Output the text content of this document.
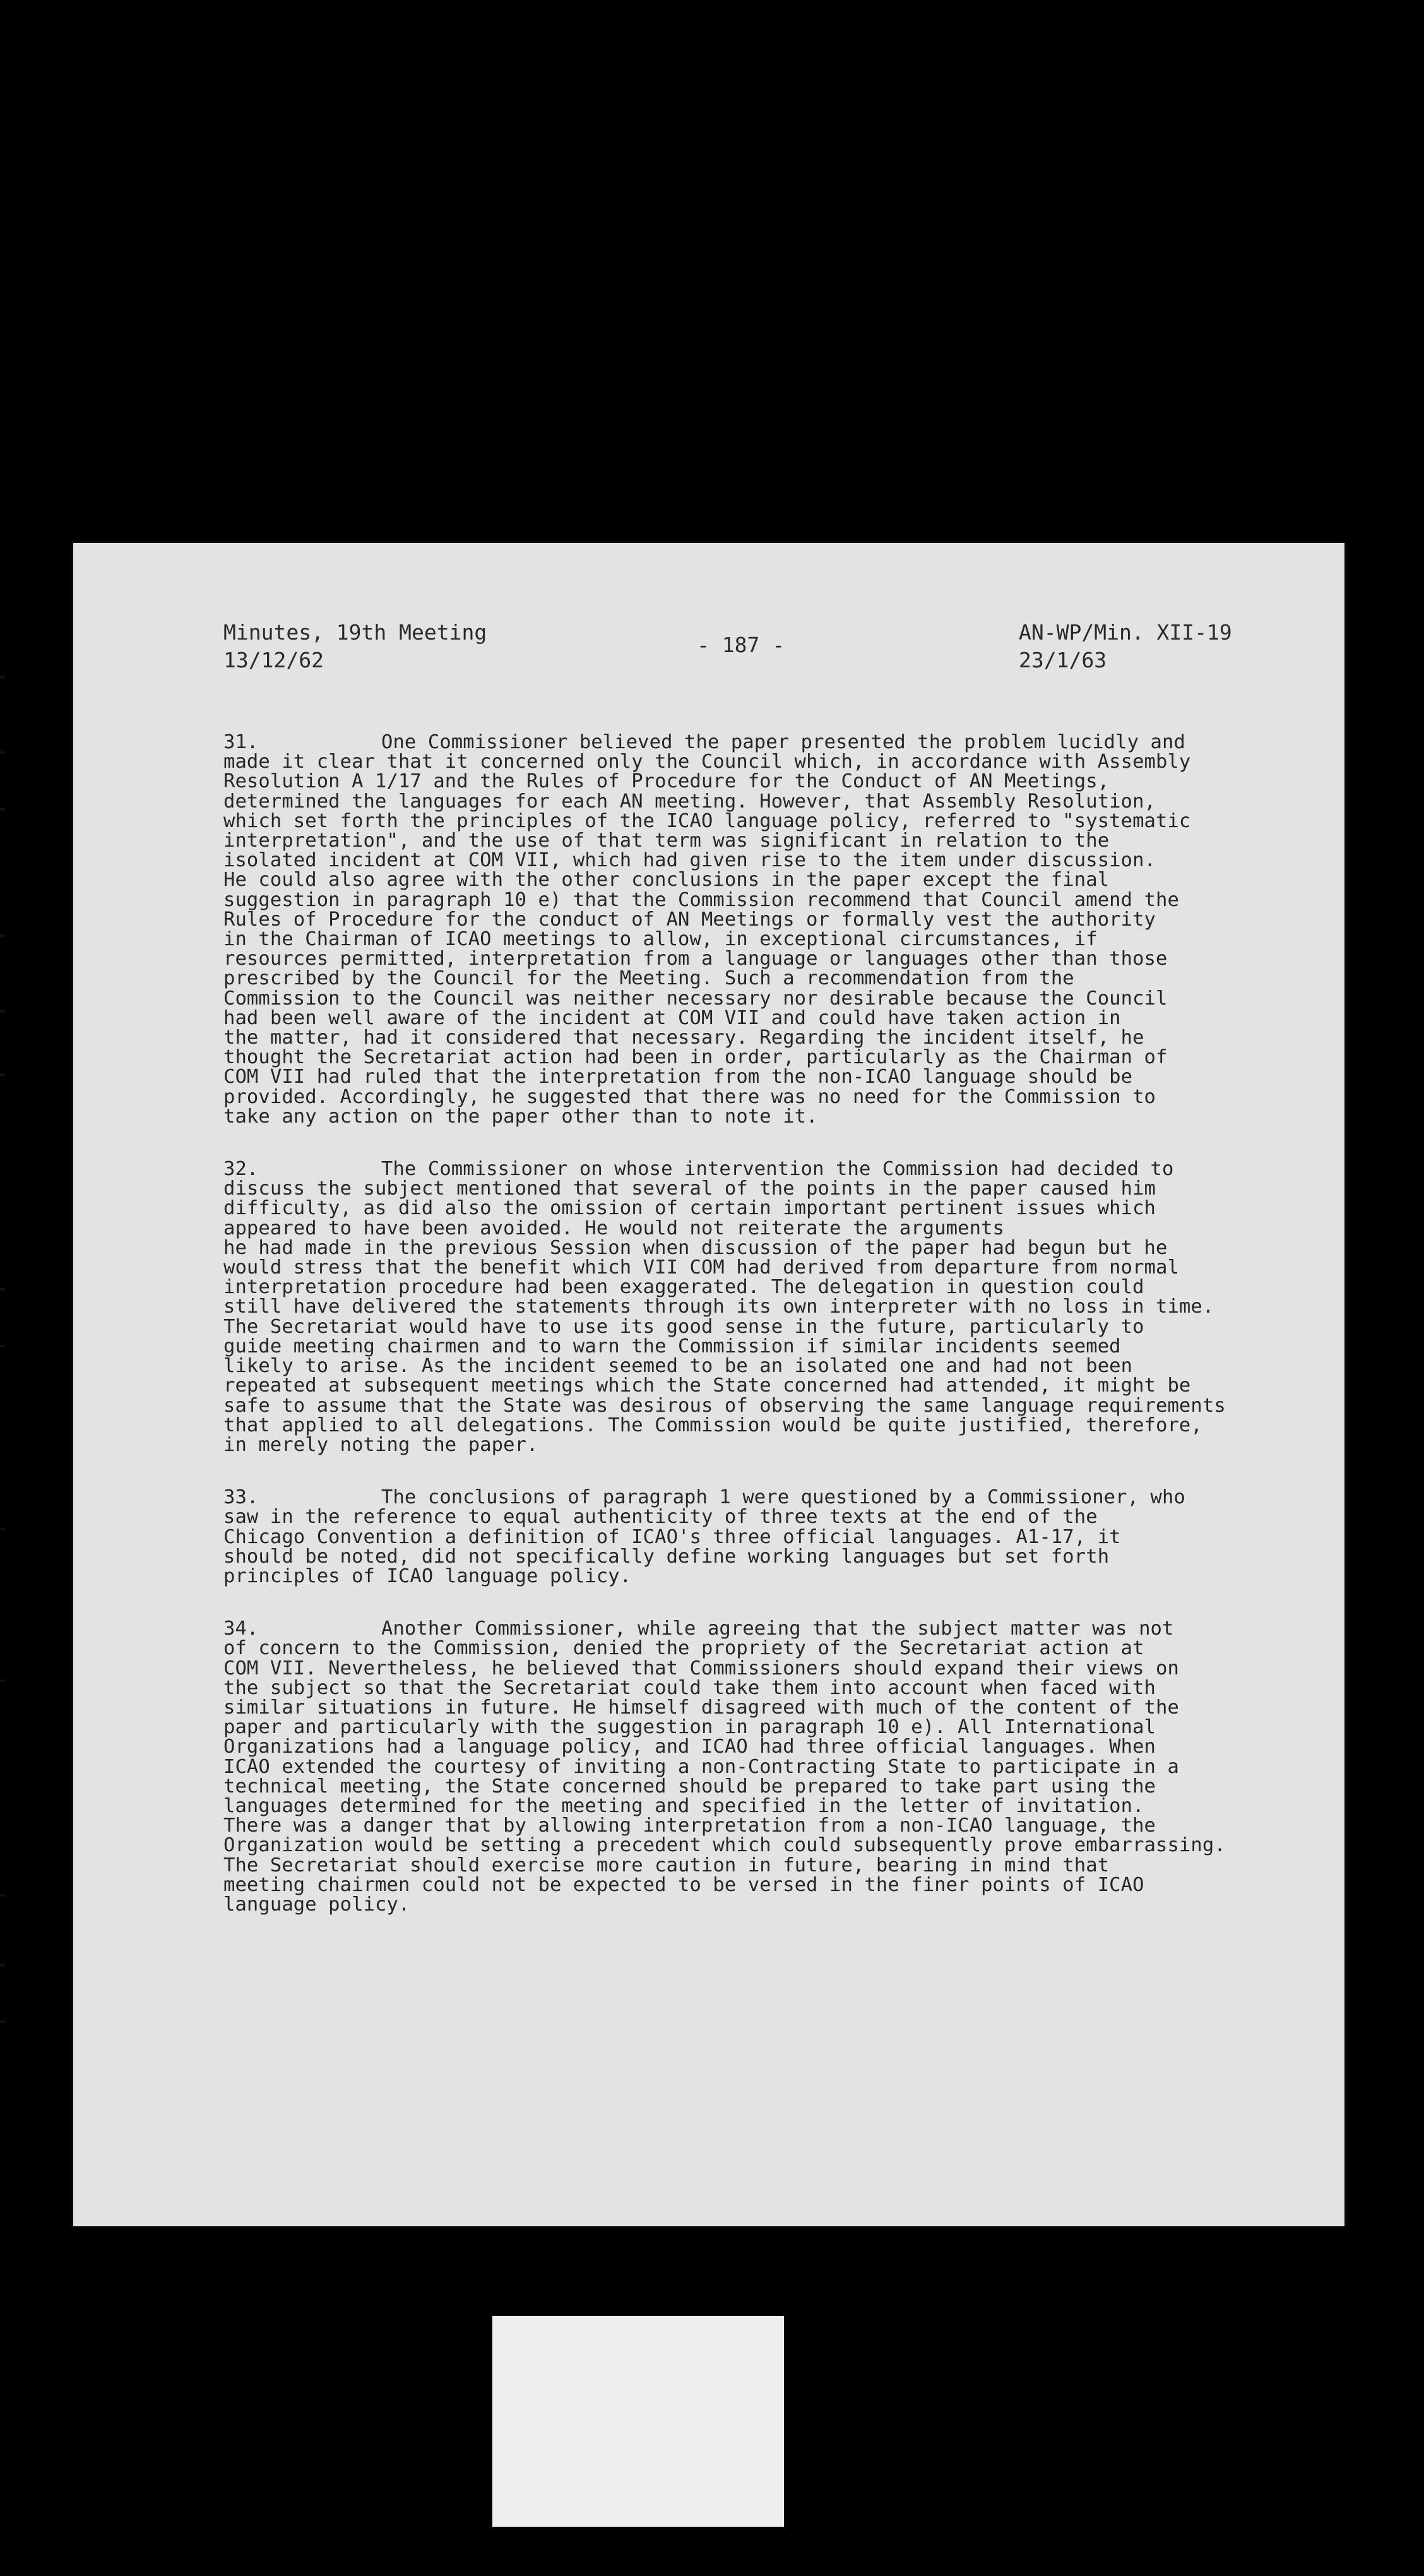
Minutes, 19th Meeting
13/12/62
- 187 -
AN-WP/Min. XII-19
23/1/63
31.	One Commissioner believed the paper presented the problem lucidly and
made it clear that it concerned only the Council which, in accordance with Assembly
Resolution A 1/17 and the Rules of Procedure for the Conduct of AN Meetings,
determined the languages for each AN meeting. However, that Assembly Resolution,
which set forth the principles of the ICAO language policy, referred to "systematic
interpretation", and the use of that term was significant in relation to the
isolated incident at COM VII, which had given rise to the item under discussion.
He could also agree with the other conclusions in the paper except the final
suggestion in paragraph 10 e) that the Commission recommend that Council amend the
Rules of Procedure for the conduct of AN Meetings or formally vest the authority
in the Chairman of ICAO meetings to allow, in exceptional circumstances, if
resources permitted, interpretation from a language or languages other than those
prescribed by the Council for the Meeting. Such a recommendation from the
Commission to the Council was neither necessary nor desirable because the Council
had been well aware of the incident at COM VII and could have taken action in
the matter, had it considered that necessary. Regarding the incident itself, he
thought the Secretariat action had been in order, particularly as the Chairman of
COM VII had ruled that the interpretation from the non-ICAO language should be
provided. Accordingly, he suggested that there was no need for the Commission to
take any action on the paper other than to note it.
32.	The Commissioner on whose intervention the Commission had decided to
discuss the subject mentioned that several of the points in the paper caused him
difficulty, as did also the omission of certain important pertinent issues which
appeared to have been avoided. He would not reiterate the arguments
he had made in the previous Session when discussion of the paper had begun but he
would stress that the benefit which VII COM had derived from departure from normal
interpretation procedure had been exaggerated. The delegation in question could
still have delivered the statements through its own interpreter with no loss in time.
The Secretariat would have to use its good sense in the future, particularly to
guide meeting chairmen and to warn the Commission if similar incidents seemed
likely to arise. As the incident seemed to be an isolated one and had not been
repeated at subsequent meetings which the State concerned had attended, it might be
safe to assume that the State was desirous of observing the same language requirements
that applied to all delegations. The Commission would be quite justified, therefore,
in merely noting the paper.
33.	The conclusions of paragraph 1 were questioned by a Commissioner, who
saw in the reference to equal authenticity of three texts at the end of the
Chicago Convention a definition of ICAO's three official languages. A1-17, it
should be noted, did not specifically define working languages but set forth
principles of ICAO language policy.
34.	Another Commissioner, while agreeing that the subject matter was not
of concern to the Commission, denied the propriety of the Secretariat action at
COM VII. Nevertheless, he believed that Commissioners should expand their views on
the subject so that the Secretariat could take them into account when faced with
similar situations in future. He himself disagreed with much of the content of the
paper and particularly with the suggestion in paragraph 10 e). All International
Organizations had a language policy, and ICAO had three official languages. When
ICAO extended the courtesy of inviting a non-Contracting State to participate in a
technical meeting, the State concerned should be prepared to take part using the
languages determined for the meeting and specified in the letter of invitation.
There was a danger that by allowing interpretation from a non-ICAO language, the
Organization would be setting a precedent which could subsequently prove embarrassing.
The Secretariat should exercise more caution in future, bearing in mind that
meeting chairmen could not be expected to be versed in the finer points of ICAO
language policy.
